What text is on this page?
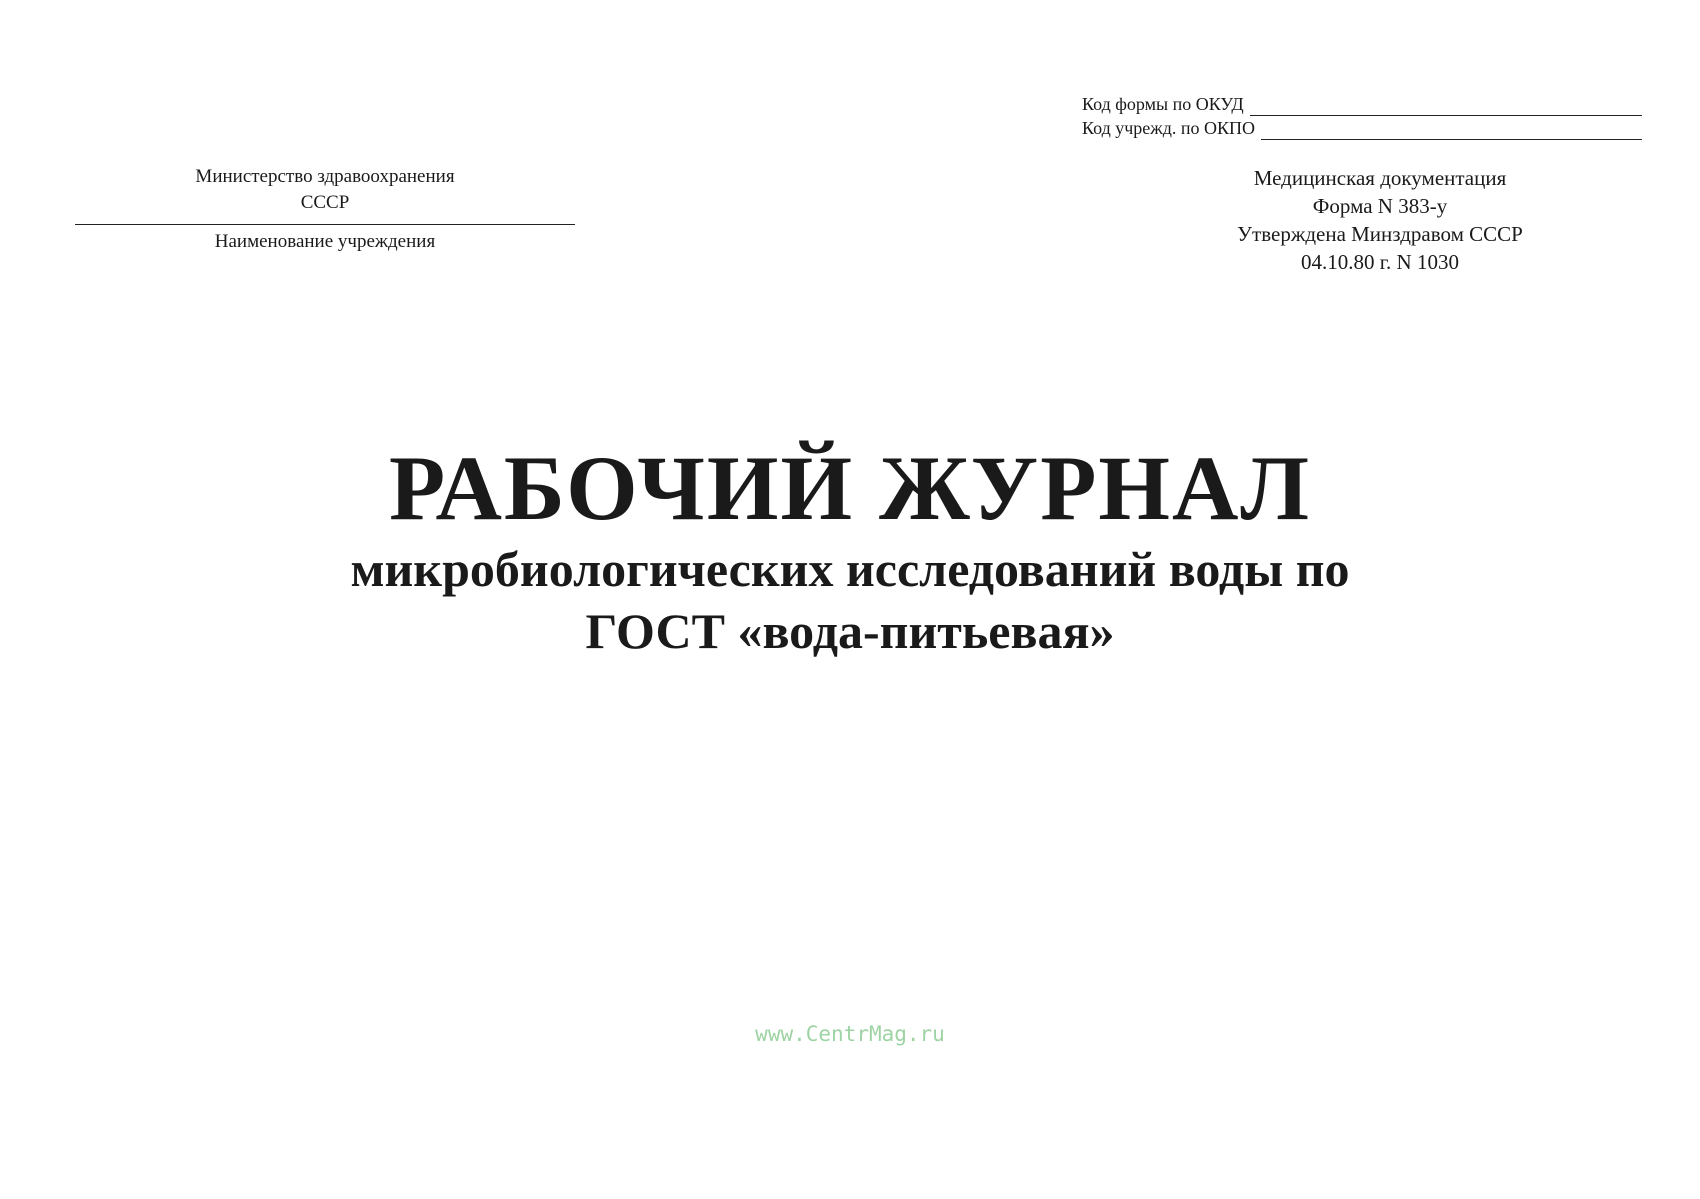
Министерство здравоохранения
СССР
Наименование учреждения
Код формы по ОКУД
Код учрежд. по ОКПО
Медицинская документация
Форма N 383-у
Утверждена Минздравом СССР
04.10.80 г. N 1030
РАБОЧИЙ ЖУРНАЛ
микробиологических исследований воды по
ГОСТ «вода-питьевая»
www.CentrMag.ru
